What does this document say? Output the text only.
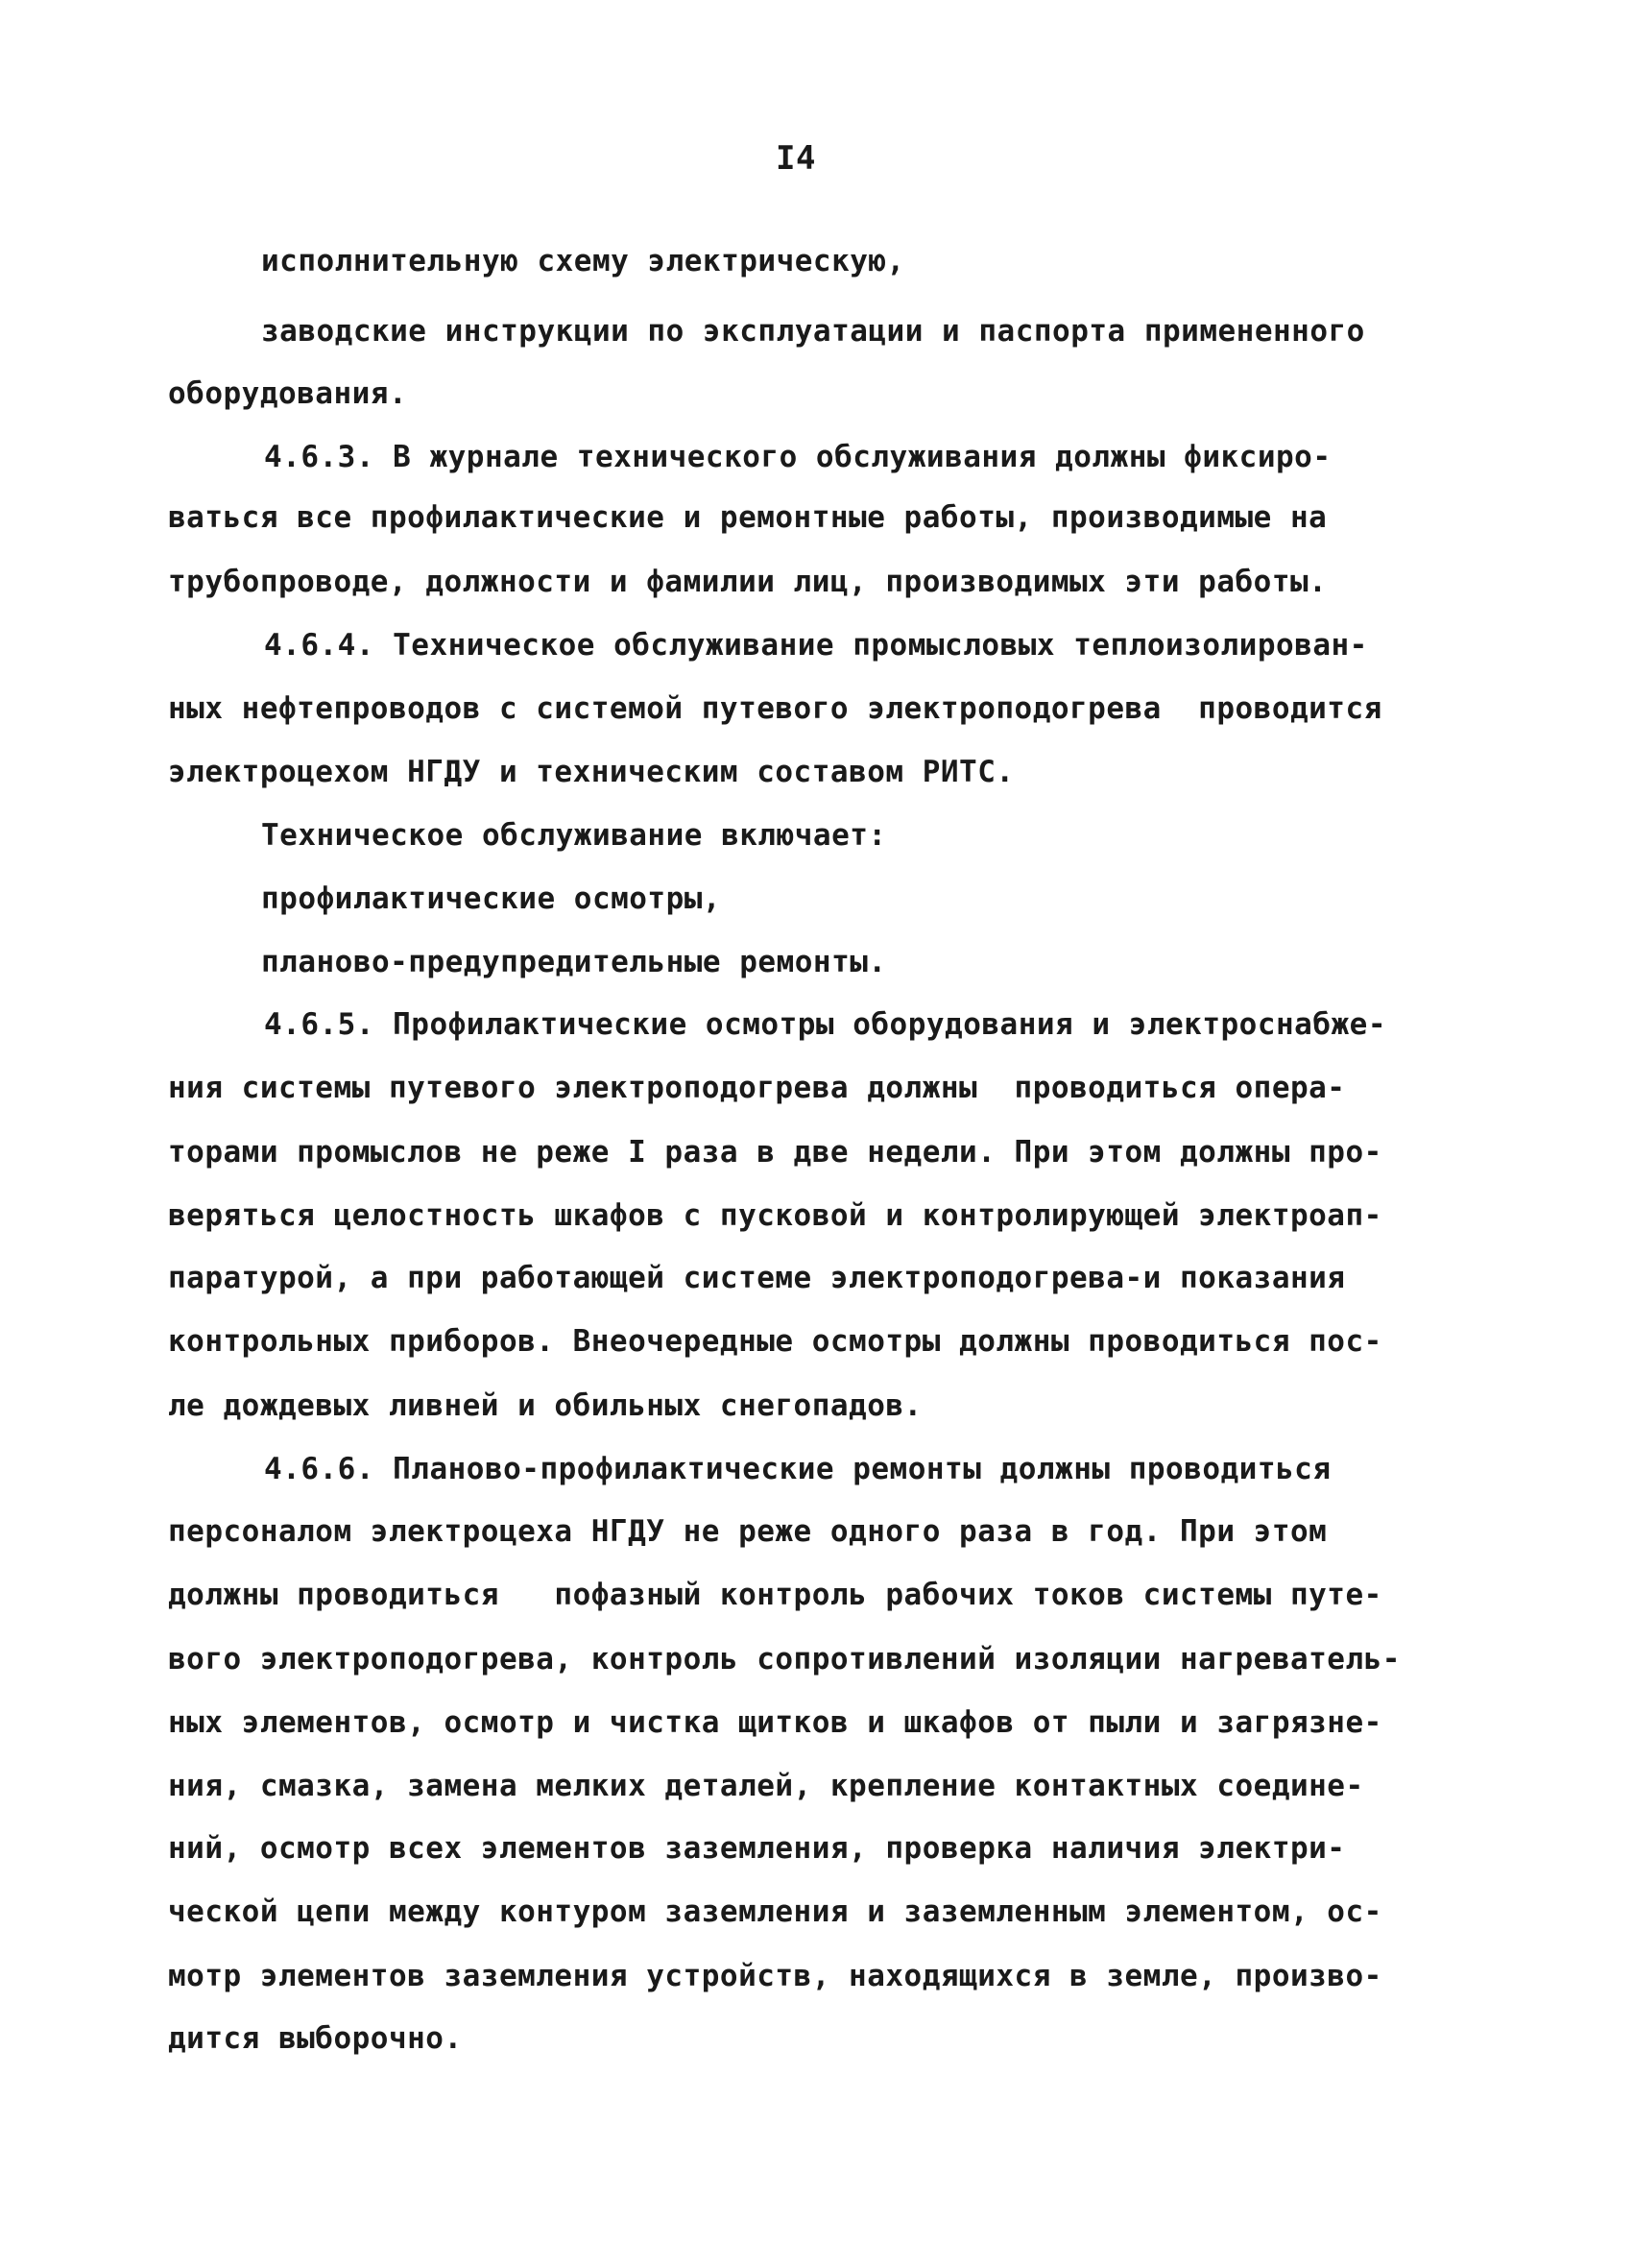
I4
исполнительную схему электрическую,
заводские инструкции по эксплуатации и паспорта примененного
оборудования.
4.6.3. В журнале технического обслуживания должны фиксиро-
ваться все профилактические и ремонтные работы, производимые на
трубопроводе, должности и фамилии лиц, производимых эти работы.
4.6.4. Техническое обслуживание промысловых теплоизолирован-
ных нефтепроводов с системой путевого электроподогрева  проводится
электроцехом НГДУ и техническим составом РИТС.
Техническое обслуживание включает:
профилактические осмотры,
планово-предупредительные ремонты.
4.6.5. Профилактические осмотры оборудования и электроснабже-
ния системы путевого электроподогрева должны  проводиться опера-
торами промыслов не реже I раза в две недели. При этом должны про-
веряться целостность шкафов с пусковой и контролирующей электроап-
паратурой, а при работающей системе электроподогрева-и показания
контрольных приборов. Внеочередные осмотры должны проводиться пос-
ле дождевых ливней и обильных снегопадов.
4.6.6. Планово-профилактические ремонты должны проводиться
персоналом электроцеха НГДУ не реже одного раза в год. При этом
должны проводиться   пофазный контроль рабочих токов системы путе-
вого электроподогрева, контроль сопротивлений изоляции нагреватель-
ных элементов, осмотр и чистка щитков и шкафов от пыли и загрязне-
ния, смазка, замена мелких деталей, крепление контактных соедине-
ний, осмотр всех элементов заземления, проверка наличия электри-
ческой цепи между контуром заземления и заземленным элементом, ос-
мотр элементов заземления устройств, находящихся в земле, произво-
дится выборочно.
